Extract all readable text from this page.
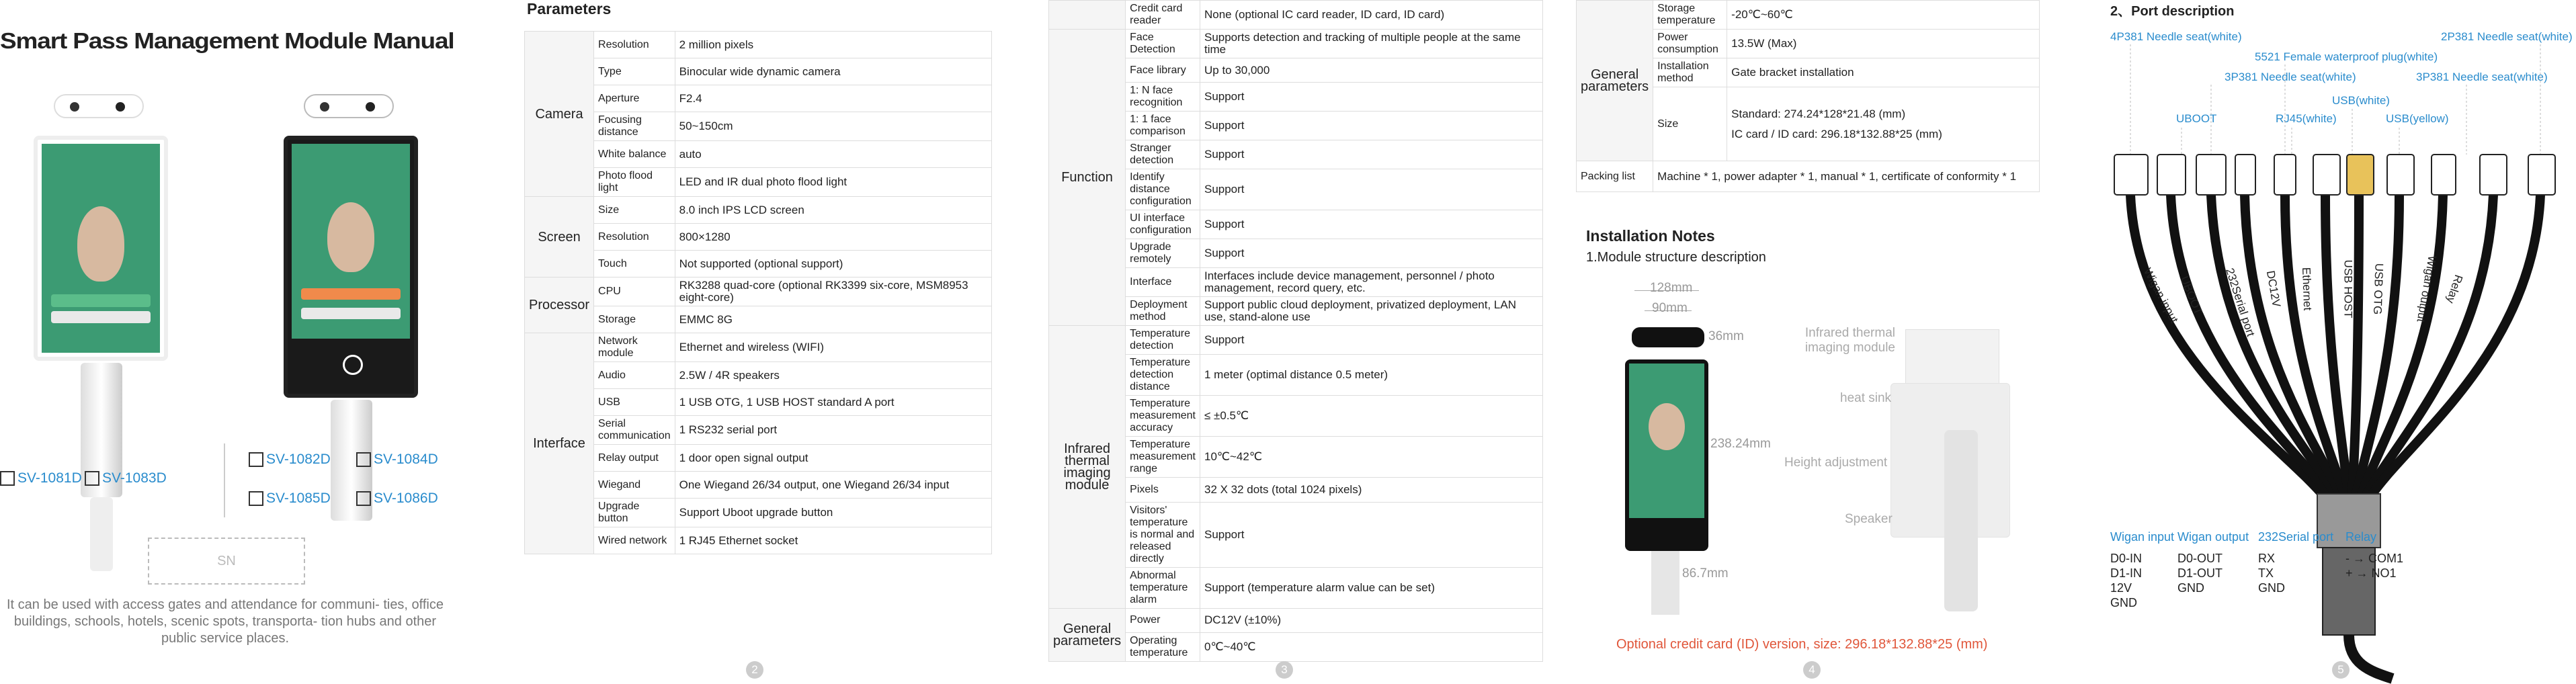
Smart Pass Management Module Manual
SV-1081D SV-1083D
SV-1082D	SV-1084D
SV-1085D	SV-1086D
SN
It can be used with access gates and attendance for communi- ties, office buildings, schools, hotels, scenic spots, transporta- tion hubs and other public service places.
Parameters
Camera	Resolution	2 million pixels

	Type	Binocular wide dynamic camera

	Aperture	F2.4

	Focusing distance	50~150cm

	White balance	auto

	Photo flood light	LED and IR dual photo flood light

Screen	Size	8.0 inch IPS LCD screen

	Resolution	800×1280

	Touch	Not supported (optional support)

Processor	CPU	RK3288 quad-core (optional RK3399 six-core, MSM8953 eight-core)

	Storage	EMMC 8G

Interface	Network module	Ethernet and wireless (WIFI)

	Audio	2.5W / 4R speakers

	USB	1 USB OTG, 1 USB HOST standard A port

	Serial communication	1 RS232 serial port

	Relay output	1 door open signal output

	Wiegand	One Wiegand 26/34 output, one Wiegand 26/34 input

	Upgrade button	Support Uboot upgrade button

	Wired network	1 RJ45 Ethernet socket
2
	Credit card reader	None (optional IC card reader, ID card, ID card)

Function	Face Detection	Supports detection and tracking of multiple people at the same time

	Face library	Up to 30,000

	1: N face recognition	Support

	1: 1 face comparison	Support

	Stranger detection	Support

	Identify distance configuration	Support

	UI interface configuration	Support

	Upgrade remotely	Support

	Interface	Interfaces include device management, personnel / photo management, record query, etc.

	Deployment method	Support public cloud deployment, privatized deployment, LAN use, stand-alone use

Infrared thermal imaging module	Temperature detection	Support

	Temperature detection distance	1 meter (optimal distance 0.5 meter)

	Temperature measurement accuracy	≤ ±0.5℃

	Temperature measurement range	10℃~42℃

	Pixels	32 X 32 dots (total 1024 pixels)

	Visitors' temperature is normal and released directly	Support

	Abnormal temperature alarm	Support (temperature alarm value can be set)

General parameters	Power	DC12V (±10%)

	Operating temperature	0℃~40℃
3
General parameters	Storage temperature	-20℃~60℃

	Power consumption	13.5W (Max)

	Installation method	Gate bracket installation

	Size	Standard: 274.24*128*21.48 (mm)
IC card / ID card: 296.18*132.88*25 (mm)

Packing list	Machine * 1, power adapter * 1, manual * 1, certificate of conformity * 1	
Installation Notes
1.Module structure description
128mm
90mm
36mm
238.24mm
86.7mm
Infrared thermal imaging module
heat sink
Height adjustment
Speaker
Optional credit card (ID) version, size: 296.18*132.88*25 (mm)
4
2、Port description
4P381 Needle seat(white)
5521 Female waterproof plug(white)
3P381 Needle seat(white)
UBOOT	RJ45(white)
USB(white)
3P381 Needle seat(white)
USB(yellow)
2P381 Needle seat(white)
232Serial port
Wigan input	DC12V
UBOOT	Ethernet USB HOST USB OTG	Wigan output Relay
Wigan input
D0-IN
D1-IN
12V
GND
Wigan output
D0-OUT
D1-OUT
GND
232Serial port
RX
TX
GND
Relay
- → COM1
+ → NO1
5
